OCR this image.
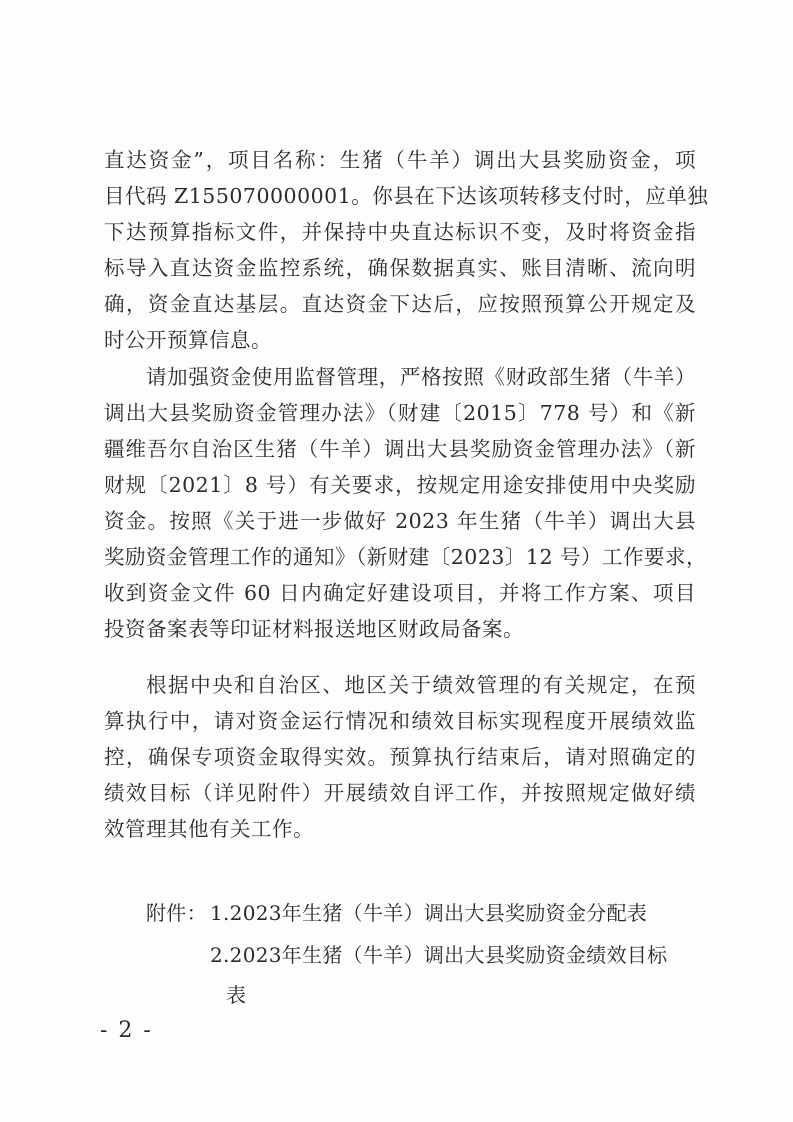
直达资金”，项目名称：生猪（牛羊）调出大县奖励资金，项
目代码 Z155070000001。你县在下达该项转移支付时，应单独
下达预算指标文件，并保持中央直达标识不变，及时将资金指
标导入直达资金监控系统，确保数据真实、账目清晰、流向明
确，资金直达基层。直达资金下达后，应按照预算公开规定及
时公开预算信息。
请加强资金使用监督管理，严格按照《财政部生猪（牛羊）
调出大县奖励资金管理办法》（财建〔2015〕778 号）和《新
疆维吾尔自治区生猪（牛羊）调出大县奖励资金管理办法》（新
财规〔2021〕8 号）有关要求，按规定用途安排使用中央奖励
资金。按照《关于进一步做好 2023 年生猪（牛羊）调出大县
奖励资金管理工作的通知》（新财建〔2023〕12 号）工作要求，
收到资金文件 60 日内确定好建设项目，并将工作方案、项目
投资备案表等印证材料报送地区财政局备案。
根据中央和自治区、地区关于绩效管理的有关规定，在预
算执行中，请对资金运行情况和绩效目标实现程度开展绩效监
控，确保专项资金取得实效。预算执行结束后，请对照确定的
绩效目标（详见附件）开展绩效自评工作，并按照规定做好绩
效管理其他有关工作。
附件： 1.2023年生猪（牛羊）调出大县奖励资金分配表
2.2023年生猪（牛羊）调出大县奖励资金绩效目标
表
- 2 -
